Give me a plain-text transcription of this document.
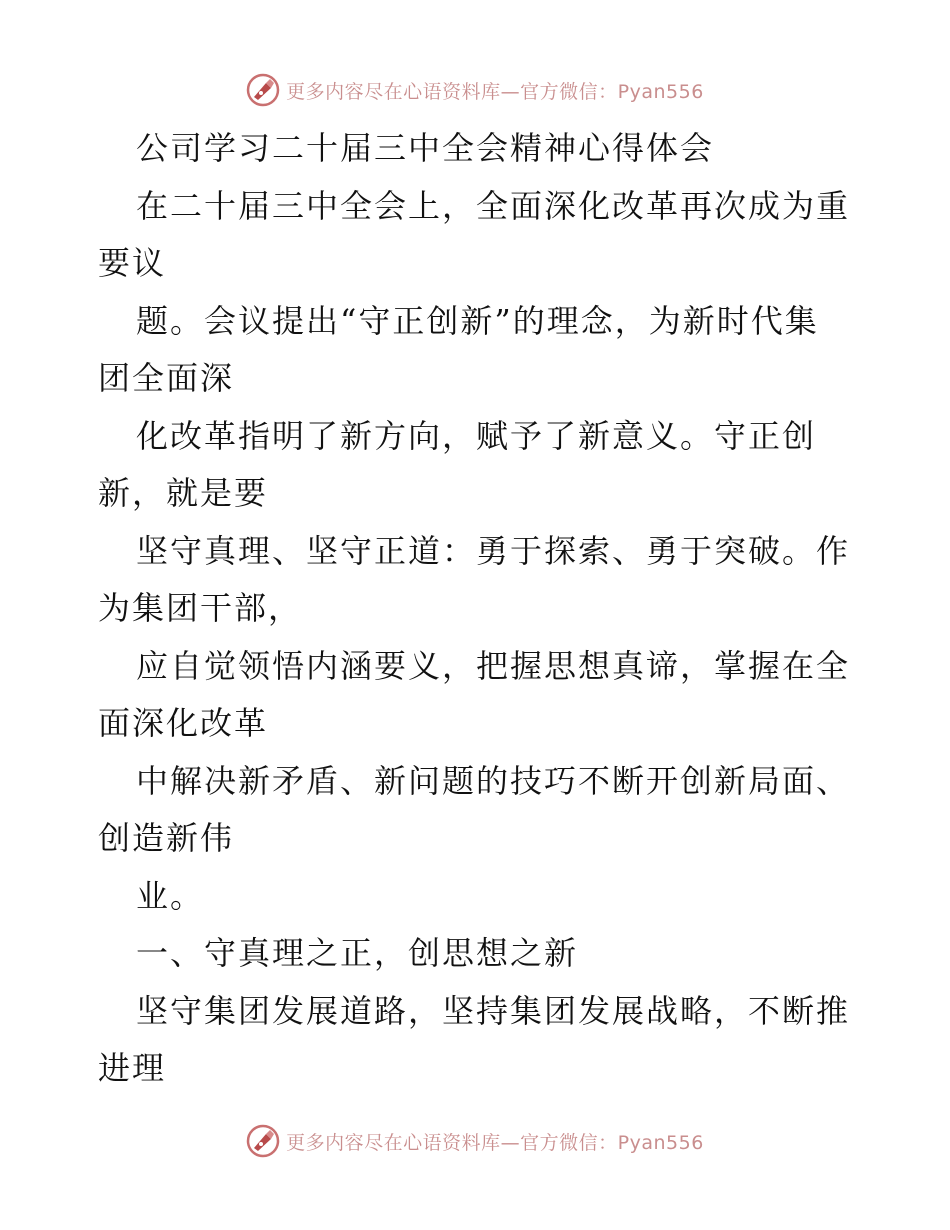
更多内容尽在心语资料库—官方微信：Pyan556
公司学习二十届三中全会精神心得体会
在二十届三中全会上，全面深化改革再次成为重
要议
题。会议提出“守正创新”的理念，为新时代集
团全面深
化改革指明了新方向，赋予了新意义。守正创
新，就是要
坚守真理、坚守正道：勇于探索、勇于突破。作
为集团干部，
应自觉领悟内涵要义，把握思想真谛，掌握在全
面深化改革
中解决新矛盾、新问题的技巧不断开创新局面、
创造新伟
业。
一、守真理之正，创思想之新
坚守集团发展道路，坚持集团发展战略，不断推
进理
更多内容尽在心语资料库—官方微信：Pyan556
